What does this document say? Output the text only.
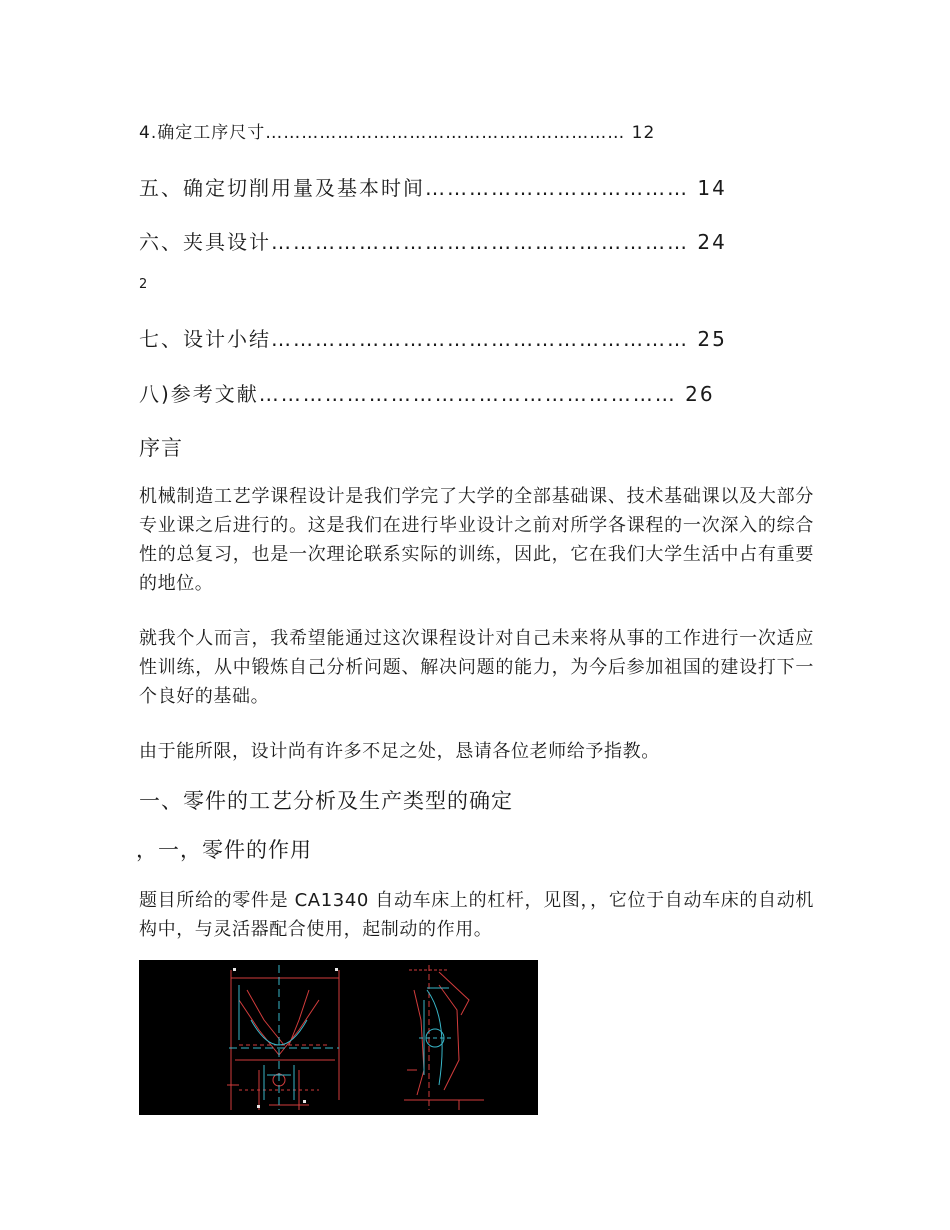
4.确定工序尺寸…………………………………………………… 12
五、确定切削用量及基本时间……………………………… 14
六、夹具设计………………………………………………… 24
2
七、设计小结………………………………………………… 25
八)参考文献………………………………………………… 26
序言
机械制造工艺学课程设计是我们学完了大学的全部基础课、技术基础课以及大部分专业课之后进行的。这是我们在进行毕业设计之前对所学各课程的一次深入的综合性的总复习，也是一次理论联系实际的训练，因此，它在我们大学生活中占有重要的地位。
就我个人而言，我希望能通过这次课程设计对自己未来将从事的工作进行一次适应性训练，从中锻炼自己分析问题、解决问题的能力，为今后参加祖国的建设打下一个良好的基础。
由于能所限，设计尚有许多不足之处，恳请各位老师给予指教。
一、零件的工艺分析及生产类型的确定
，一，零件的作用
题目所给的零件是 CA1340 自动车床上的杠杆，见图，，它位于自动车床的自动机构中，与灵活器配合使用，起制动的作用。
